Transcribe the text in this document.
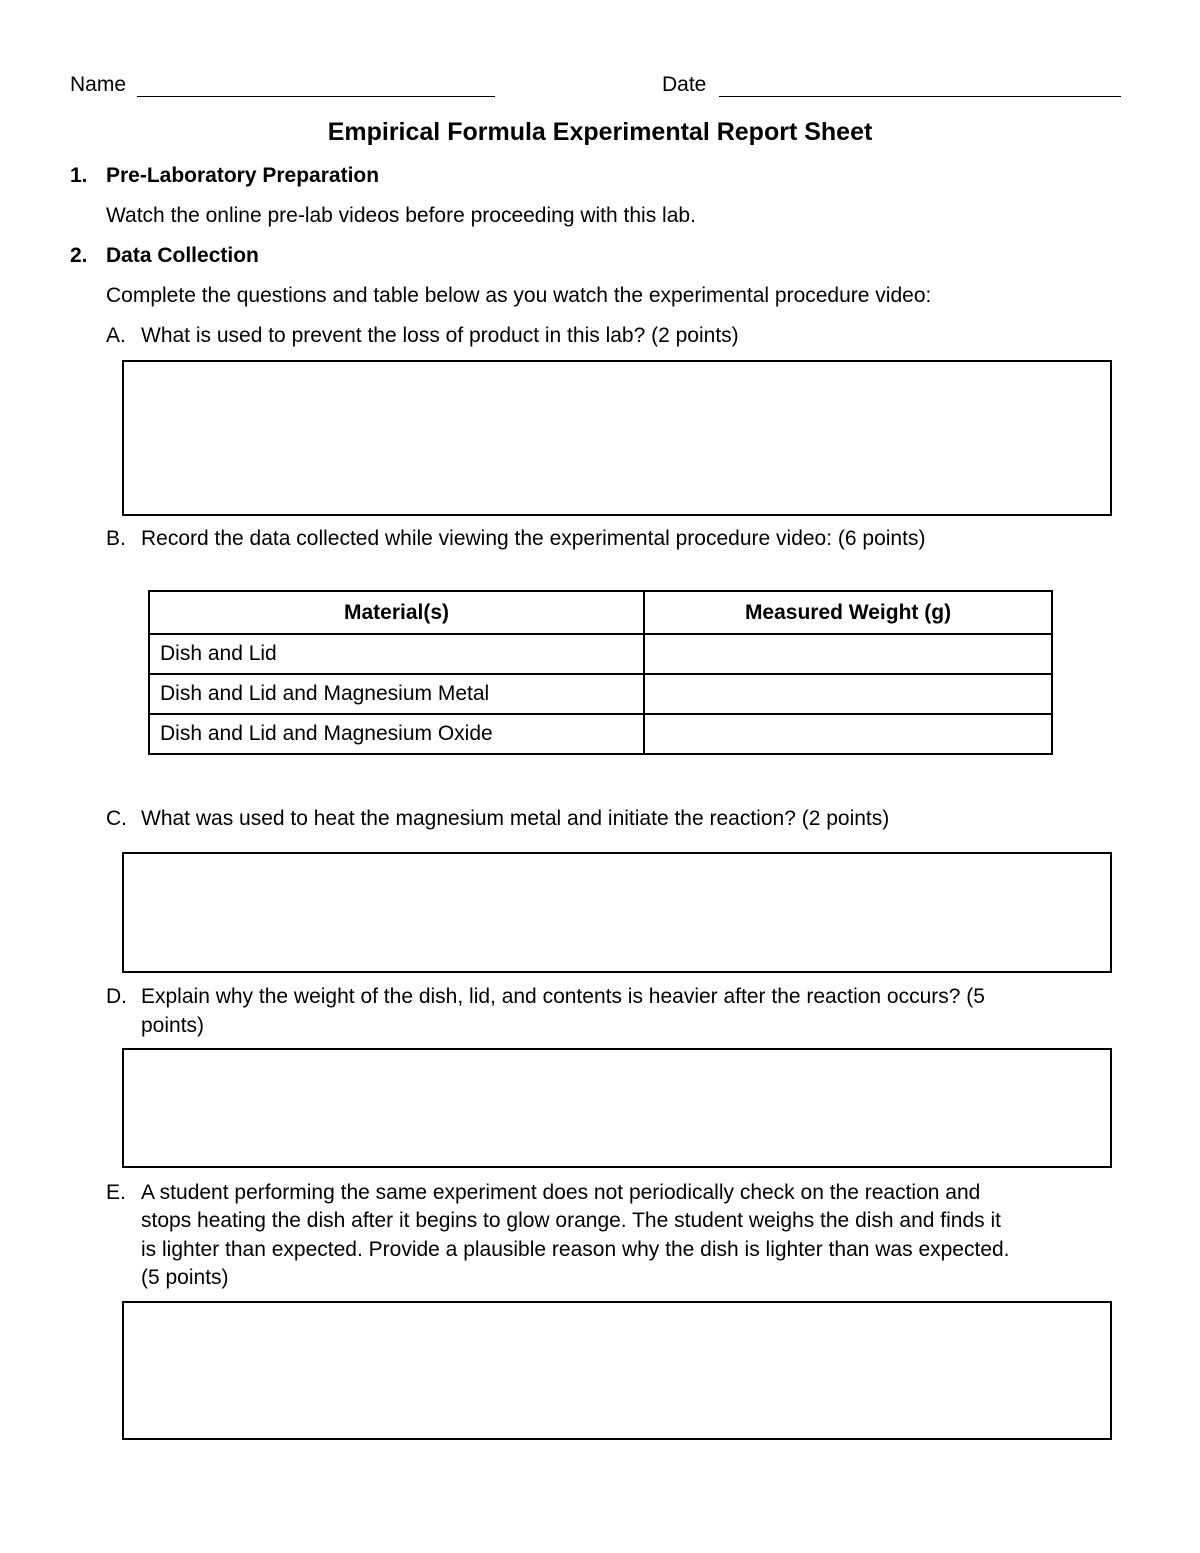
Name	Date
Empirical Formula Experimental Report Sheet
1. Pre-Laboratory Preparation
Watch the online pre-lab videos before proceeding with this lab.
2. Data Collection
Complete the questions and table below as you watch the experimental procedure video:
A. What is used to prevent the loss of product in this lab? (2 points)
B. Record the data collected while viewing the experimental procedure video: (6 points)
Material(s)	Measured Weight (g)
Dish and Lid	
Dish and Lid and Magnesium Metal	
Dish and Lid and Magnesium Oxide	
C. What was used to heat the magnesium metal and initiate the reaction? (2 points)
D. Explain why the weight of the dish, lid, and contents is heavier after the reaction occurs? (5
points)
E. A student performing the same experiment does not periodically check on the reaction and
stops heating the dish after it begins to glow orange. The student weighs the dish and finds it
is lighter than expected. Provide a plausible reason why the dish is lighter than was expected.
(5 points)
